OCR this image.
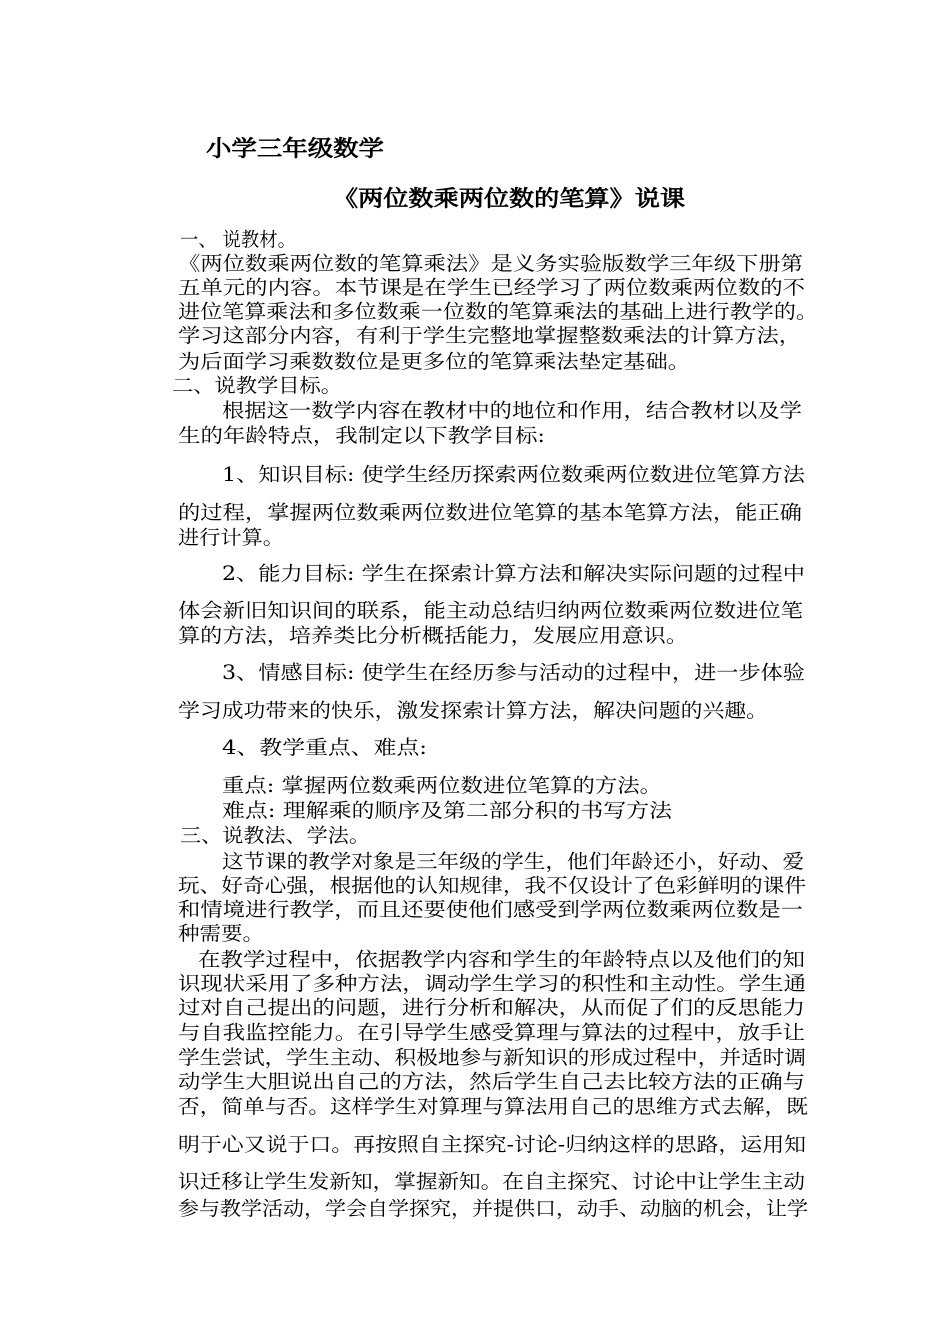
小学三年级数学
《两位数乘两位数的笔算》说课
一、 说教材。
《两位数乘两位数的笔算乘法》是义务实验版数学三年级下册第
五单元的内容。本节课是在学生已经学习了两位数乘两位数的不
进位笔算乘法和多位数乘一位数的笔算乘法的基础上进行教学的。
学习这部分内容，有利于学生完整地掌握整数乘法的计算方法，
为后面学习乘数数位是更多位的笔算乘法垫定基础。
二、说教学目标。
根据这一数学内容在教材中的地位和作用，结合教材以及学
生的年龄特点，我制定以下教学目标:
1、知识目标: 使学生经历探索两位数乘两位数进位笔算方法
的过程，掌握两位数乘两位数进位笔算的基本笔算方法，能正确
进行计算。
2、能力目标: 学生在探索计算方法和解决实际问题的过程中
体会新旧知识间的联系，能主动总结归纳两位数乘两位数进位笔
算的方法，培养类比分析概括能力，发展应用意识。
3、情感目标: 使学生在经历参与活动的过程中，进一步体验
学习成功带来的快乐，激发探索计算方法，解决问题的兴趣。
4、教学重点、难点:
重点: 掌握两位数乘两位数进位笔算的方法。
难点: 理解乘的顺序及第二部分积的书写方法
三、说教法、学法。
这节课的教学对象是三年级的学生，他们年龄还小，好动、爱
玩、好奇心强，根据他的认知规律，我不仅设计了色彩鲜明的课件
和情境进行教学，而且还要使他们感受到学两位数乘两位数是一
种需要。
在教学过程中，依据教学内容和学生的年龄特点以及他们的知
识现状采用了多种方法，调动学生学习的积性和主动性。学生通
过对自己提出的问题，进行分析和解决，从而促了们的反思能力
与自我监控能力。在引导学生感受算理与算法的过程中，放手让
学生尝试，学生主动、积极地参与新知识的形成过程中，并适时调
动学生大胆说出自己的方法，然后学生自己去比较方法的正确与
否，简单与否。这样学生对算理与算法用自己的思维方式去解，既
明于心又说于口。再按照自主探究-讨论-归纳这样的思路，运用知
识迁移让学生发新知，掌握新知。在自主探究、讨论中让学生主动
参与教学活动，学会自学探究，并提供口，动手、动脑的机会，让学
